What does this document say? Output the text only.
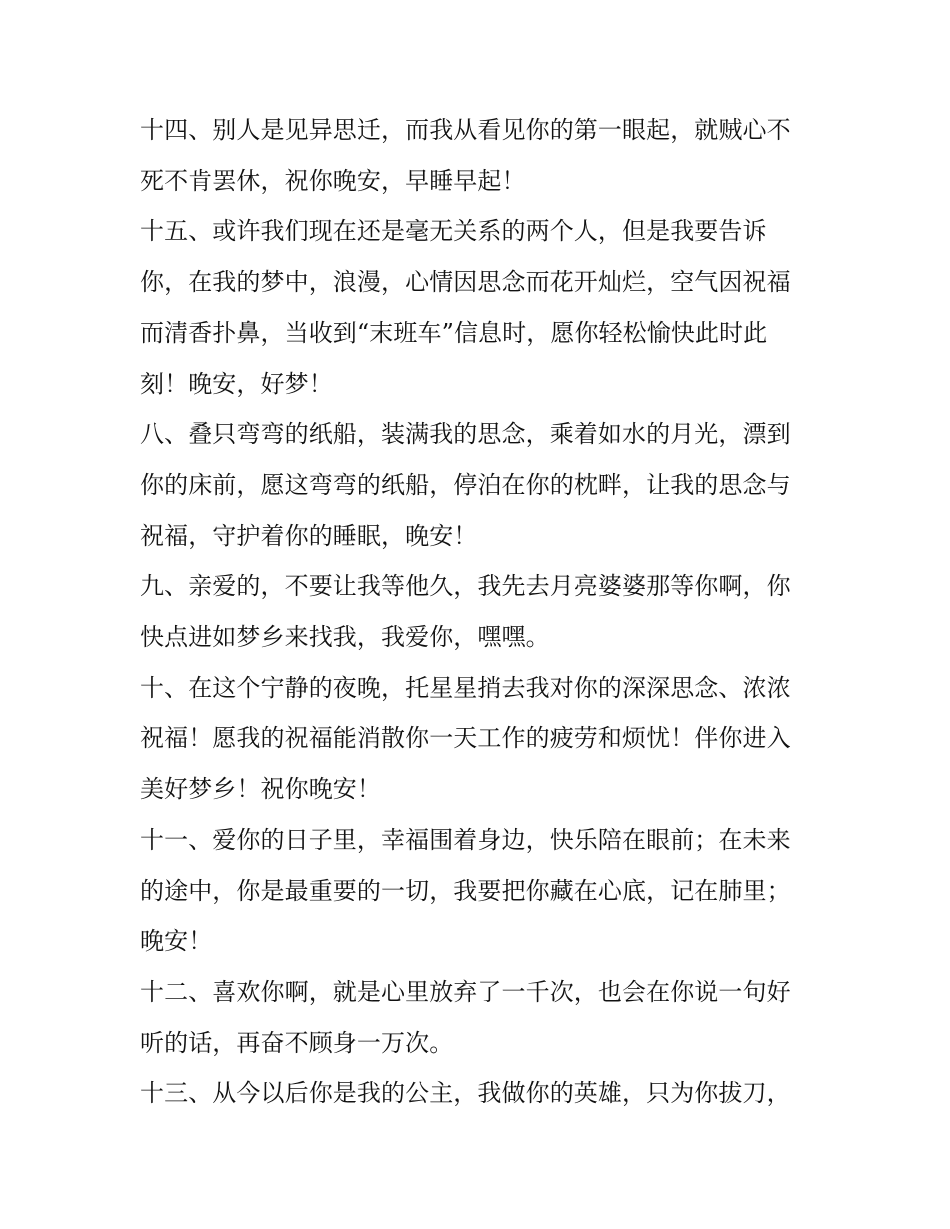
十四、别人是见异思迁，而我从看见你的第一眼起，就贼心不
死不肯罢休，祝你晚安，早睡早起！
十五、或许我们现在还是毫无关系的两个人，但是我要告诉
你，在我的梦中，浪漫，心情因思念而花开灿烂，空气因祝福
而清香扑鼻，当收到“末班车”信息时，愿你轻松愉快此时此
刻！晚安，好梦！
八、叠只弯弯的纸船，装满我的思念，乘着如水的月光，漂到
你的床前，愿这弯弯的纸船，停泊在你的枕畔，让我的思念与
祝福，守护着你的睡眠，晚安！
九、亲爱的，不要让我等他久，我先去月亮婆婆那等你啊，你
快点进如梦乡来找我，我爱你，嘿嘿。
十、在这个宁静的夜晚，托星星捎去我对你的深深思念、浓浓
祝福！愿我的祝福能消散你一天工作的疲劳和烦忧！伴你进入
美好梦乡！祝你晚安！
十一、爱你的日子里，幸福围着身边，快乐陪在眼前；在未来
的途中，你是最重要的一切，我要把你藏在心底，记在肺里；
晚安！
十二、喜欢你啊，就是心里放弃了一千次，也会在你说一句好
听的话，再奋不顾身一万次。
十三、从今以后你是我的公主，我做你的英雄，只为你拔刀，
